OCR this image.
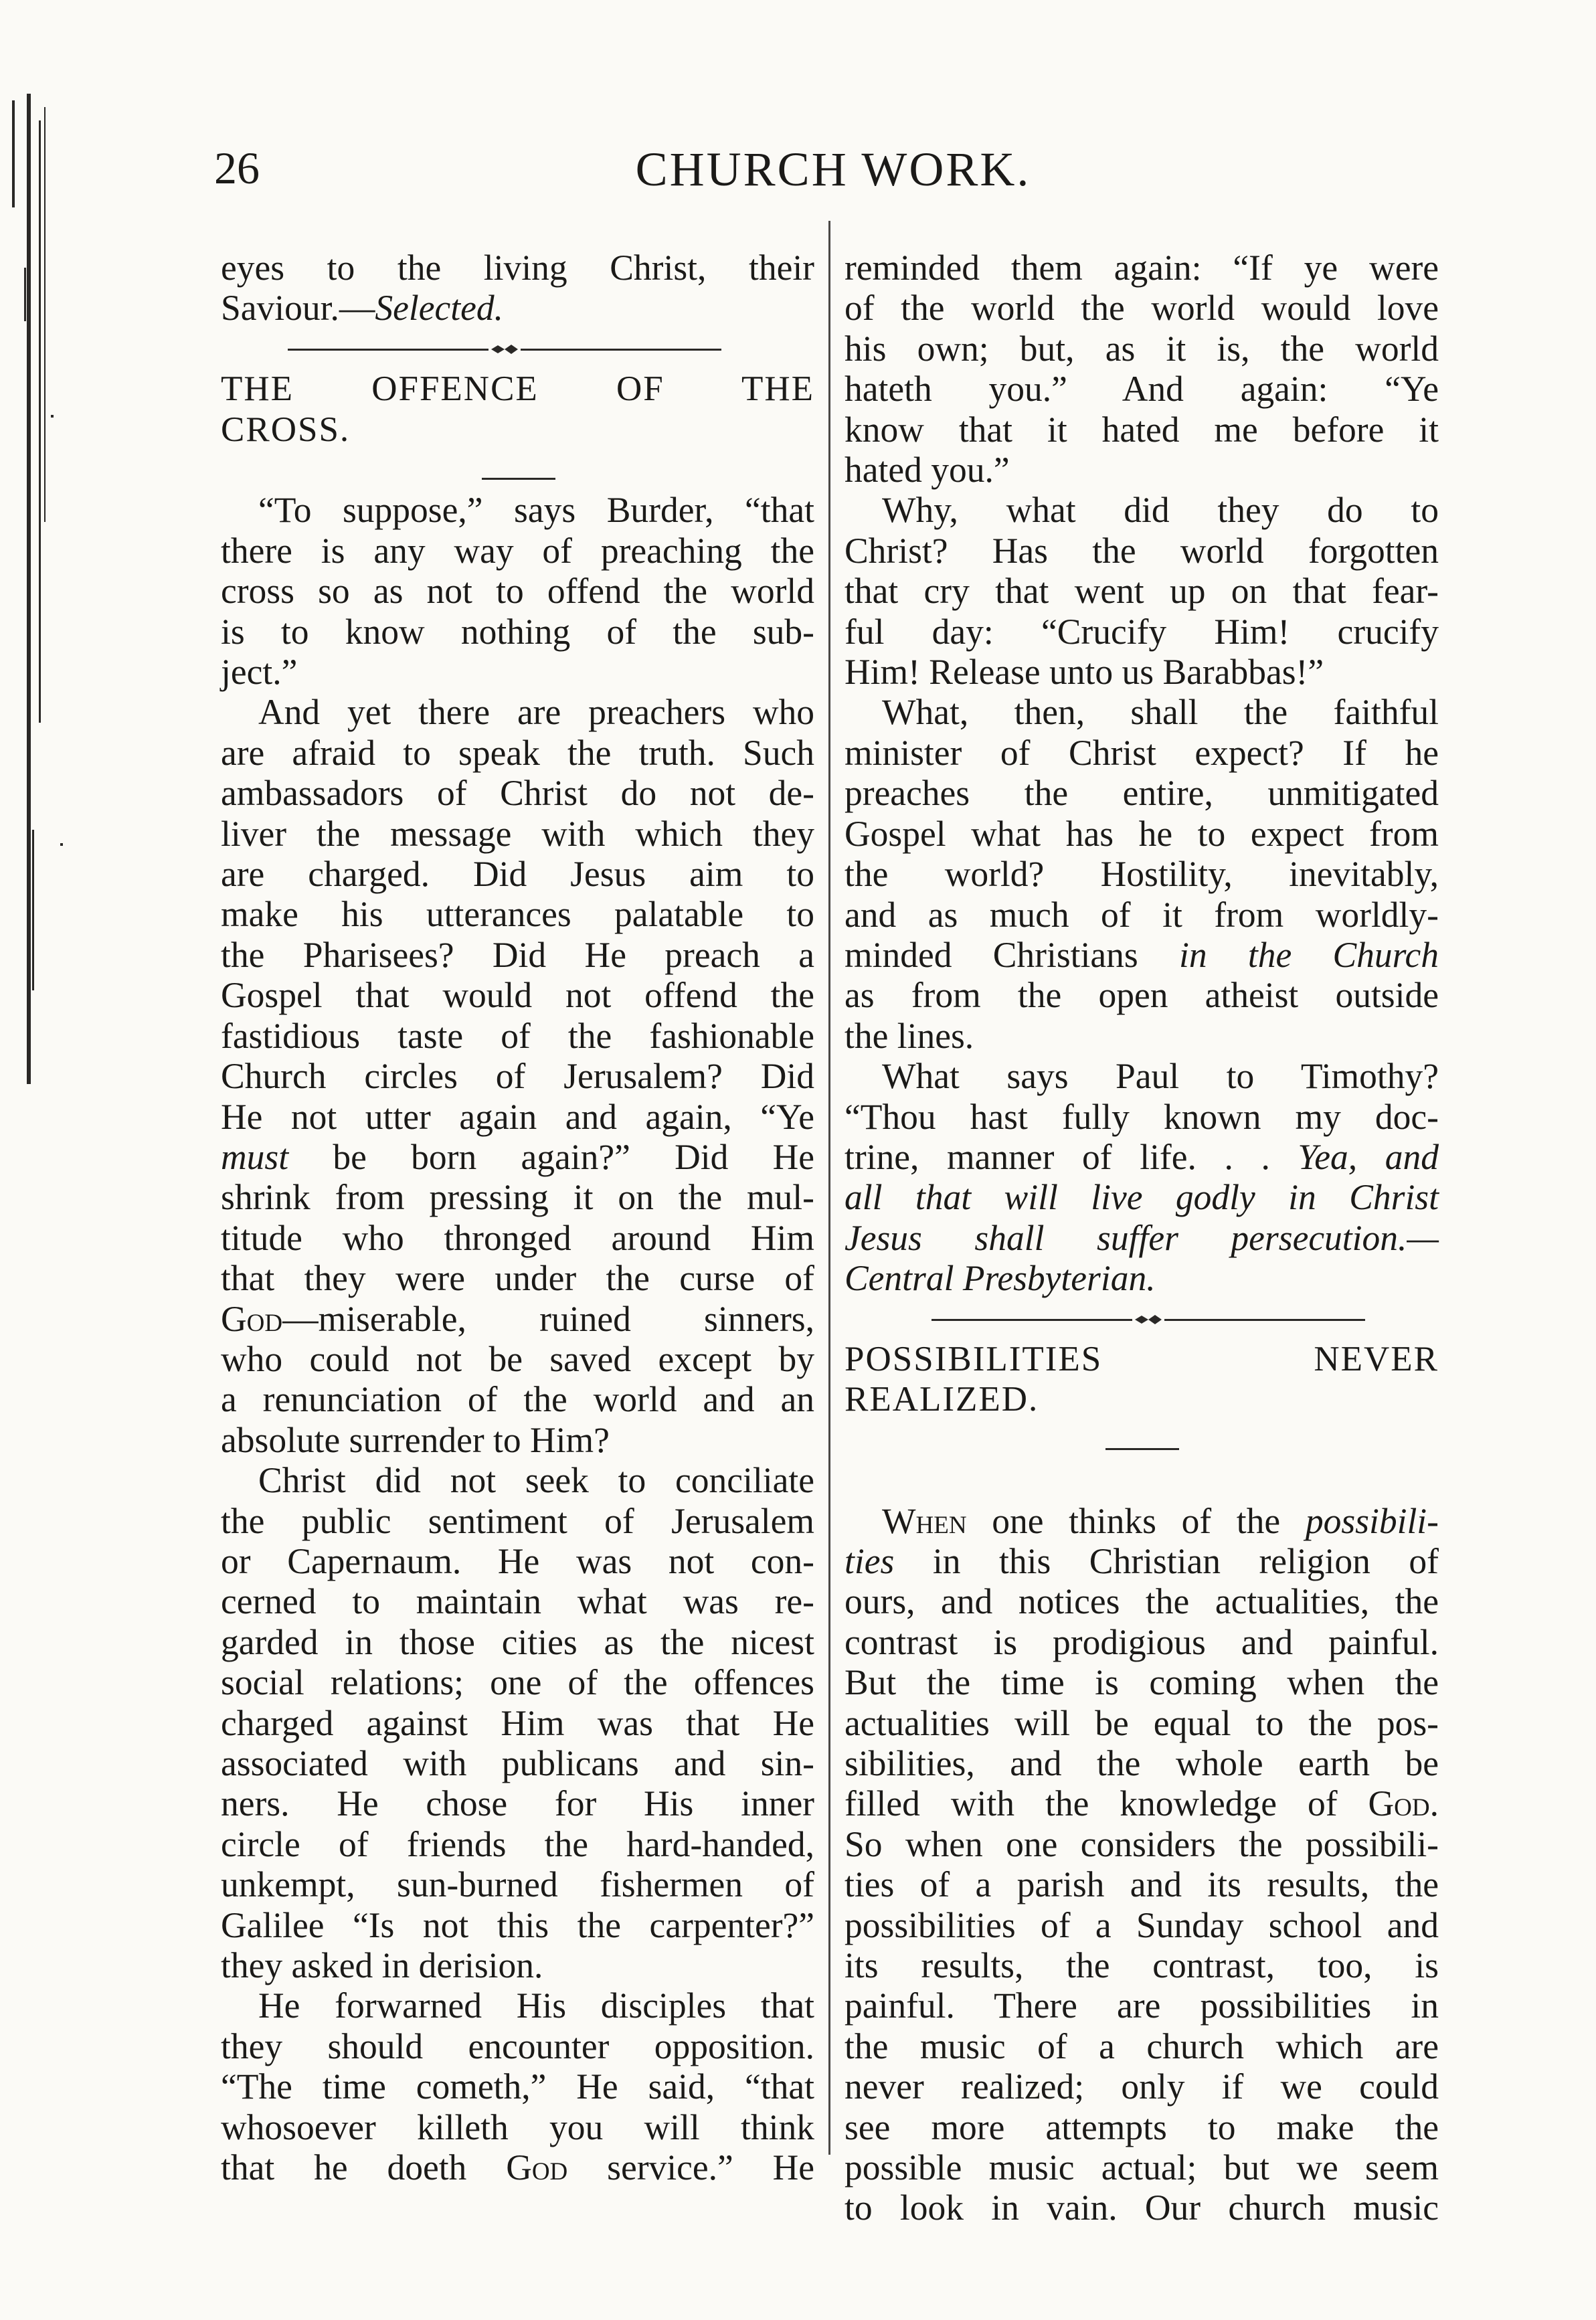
26	CHURCH WORK.

eyes to the living Christ, their

Saviour.—Selected.

THE OFFENCE OF THE

CROSS.

“To suppose,” says Burder, “that

there is any way of preaching the

cross so as not to offend the world

is to know nothing of the sub-

ject.”

And yet there are preachers who

are afraid to speak the truth. Such

ambassadors of Christ do not de-

liver the message with which they

are charged. Did Jesus aim to

make his utterances palatable to

the Pharisees? Did He preach a

Gospel that would not offend the

fastidious taste of the fashionable

Church circles of Jerusalem? Did

He not utter again and again, “Ye

must be born again?” Did He

shrink from pressing it on the mul-

titude who thronged around Him

that they were under the curse of

God—miserable, ruined sinners,

who could not be saved except by

a renunciation of the world and an

absolute surrender to Him?

Christ did not seek to conciliate

the public sentiment of Jerusalem

or Capernaum. He was not con-

cerned to maintain what was re-

garded in those cities as the nicest

social relations; one of the offences

charged against Him was that He

associated with publicans and sin-

ners. He chose for His inner

circle of friends the hard-handed,

unkempt, sun-burned fishermen of

Galilee “Is not this the carpenter?”

they asked in derision.

He forwarned His disciples that

they should encounter opposition.

“The time cometh,” He said, “that

whosoever killeth you will think

that he doeth God service.” He

reminded them again: “If ye were

of the world the world would love

his own; but, as it is, the world

hateth you.” And again: “Ye

know that it hated me before it

hated you.”

Why, what did they do to

Christ? Has the world forgotten

that cry that went up on that fear-

ful day: “Crucify Him! crucify

Him! Release unto us Barabbas!”

What, then, shall the faithful

minister of Christ expect? If he

preaches the entire, unmitigated

Gospel what has he to expect from

the world? Hostility, inevitably,

and as much of it from worldly-

minded Christians in the Church

as from the open atheist outside

the lines.

What says Paul to Timothy?

“Thou hast fully known my doc-

trine, manner of life. . . Yea, and

all that will live godly in Christ

Jesus shall suffer persecution.—

Central Presbyterian.

POSSIBILITIES NEVER

REALIZED.

When one thinks of the possibili-

ties in this Christian religion of

ours, and notices the actualities, the

contrast is prodigious and painful.

But the time is coming when the

actualities will be equal to the pos-

sibilities, and the whole earth be

filled with the knowledge of God.

So when one considers the possibili-

ties of a parish and its results, the

possibilities of a Sunday school and

its results, the contrast, too, is

painful. There are possibilities in

the music of a church which are

never realized; only if we could

see more attempts to make the

possible music actual; but we seem

to look in vain. Our church music
